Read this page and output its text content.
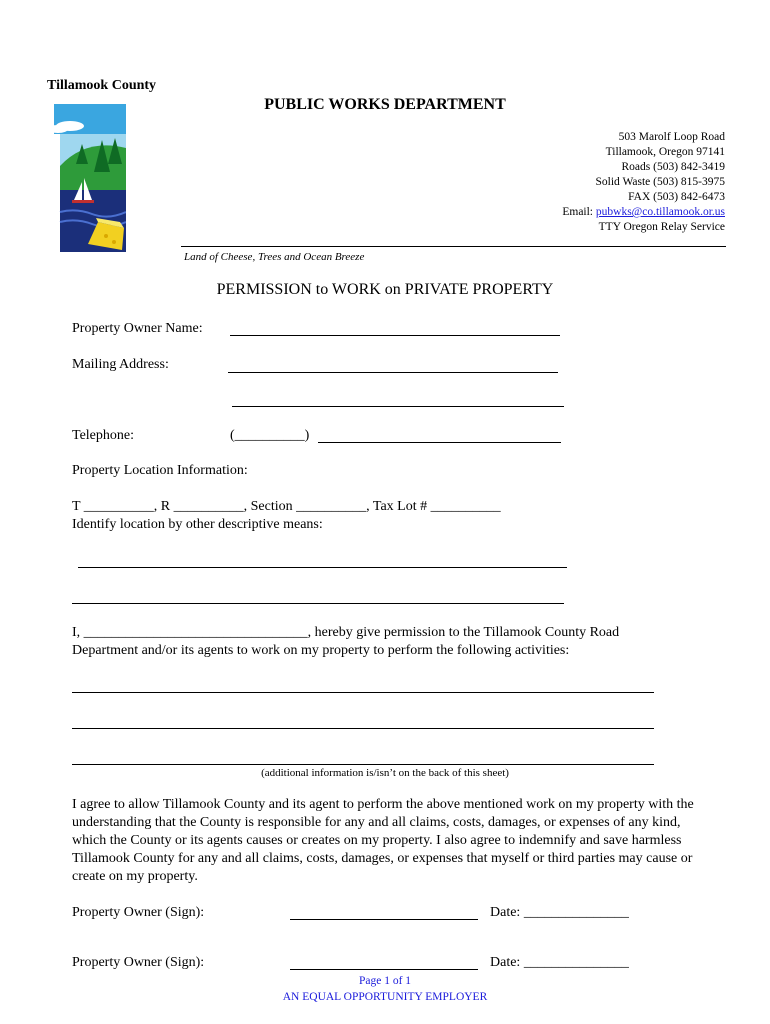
Tillamook County
PUBLIC WORKS DEPARTMENT
503 Marolf Loop Road
Tillamook, Oregon 97141
Roads (503) 842-3419
Solid Waste (503) 815-3975
FAX (503) 842-6473
Email: pubwks@co.tillamook.or.us
TTY Oregon Relay Service
Land of Cheese, Trees and Ocean Breeze
PERMISSION to WORK on PRIVATE PROPERTY
Property Owner Name:
Mailing Address:
Telephone:	(__________)
Property Location Information:
T __________, R __________, Section __________, Tax Lot # __________
Identify location by other descriptive means:
I, ________________________________, hereby give permission to the Tillamook County Road
Department and/or its agents to work on my property to perform the following activities:
(additional information is/isn’t on the back of this sheet)
I agree to allow Tillamook County and its agent to perform the above mentioned work on my property with the understanding that the County is responsible for any and all claims, costs, damages, or expenses of any kind, which the County or its agents causes or creates on my property. I also agree to indemnify and save harmless Tillamook County for any and all claims, costs, damages, or expenses that myself or third parties may cause or create on my property.
Property Owner (Sign):	Date: _______________
Property Owner (Sign):	Date: _______________
Page 1 of 1
AN EQUAL OPPORTUNITY EMPLOYER
